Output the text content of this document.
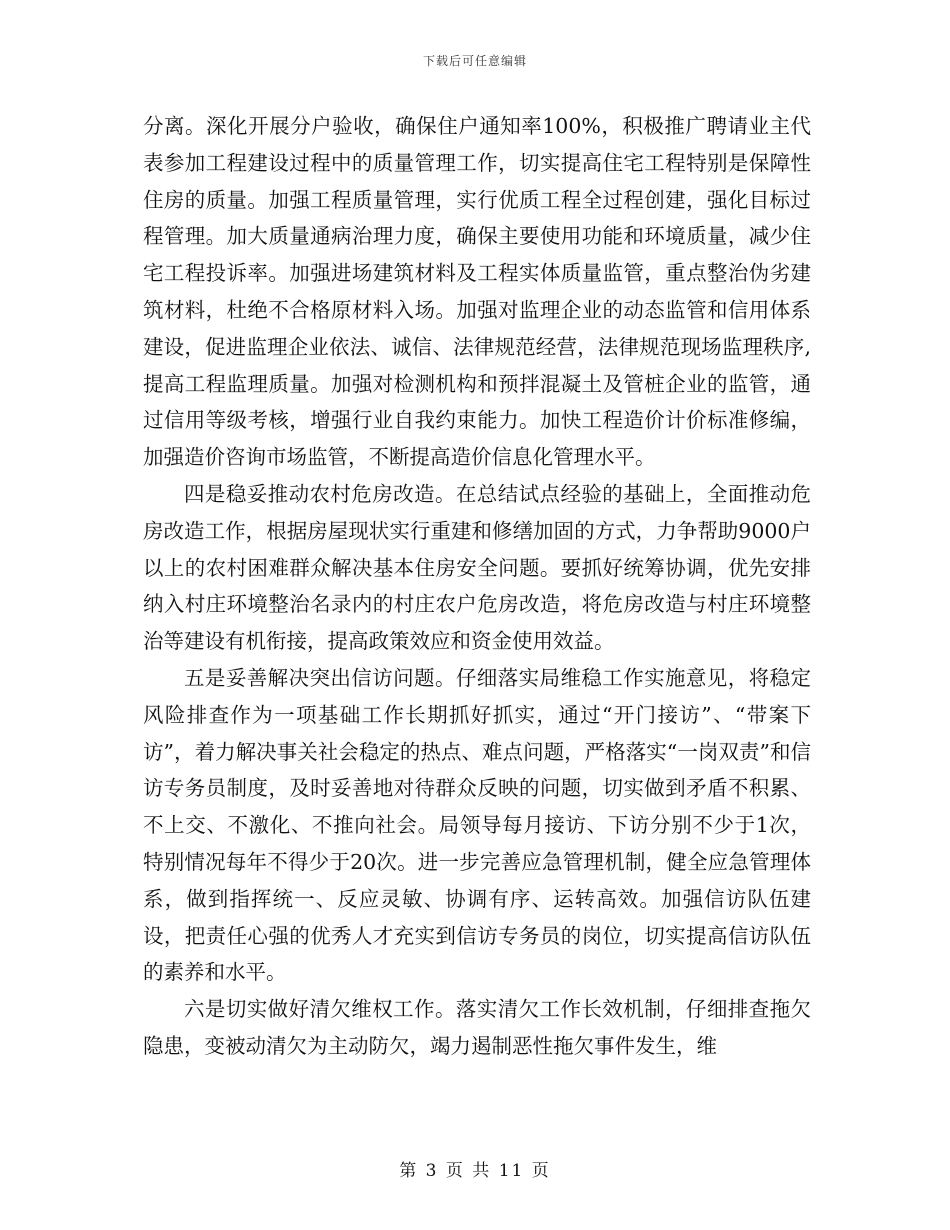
下载后可任意编辑

分离。深化开展分户验收，确保住户通知率100%，积极推广聘请业主代表参加工程建设过程中的质量管理工作，切实提高住宅工程特别是保障性住房的质量。加强工程质量管理，实行优质工程全过程创建，强化目标过程管理。加大质量通病治理力度，确保主要使用功能和环境质量，减少住宅工程投诉率。加强进场建筑材料及工程实体质量监管，重点整治伪劣建筑材料，杜绝不合格原材料入场。加强对监理企业的动态监管和信用体系建设，促进监理企业依法、诚信、法律规范经营，法律规范现场监理秩序,提高工程监理质量。加强对检测机构和预拌混凝土及管桩企业的监管，通过信用等级考核，增强行业自我约束能力。加快工程造价计价标准修编，加强造价咨询市场监管，不断提高造价信息化管理水平。

四是稳妥推动农村危房改造。在总结试点经验的基础上，全面推动危房改造工作，根据房屋现状实行重建和修缮加固的方式，力争帮助9000户以上的农村困难群众解决基本住房安全问题。要抓好统筹协调，优先安排纳入村庄环境整治名录内的村庄农户危房改造，将危房改造与村庄环境整治等建设有机衔接，提高政策效应和资金使用效益。

五是妥善解决突出信访问题。仔细落实局维稳工作实施意见，将稳定风险排查作为一项基础工作长期抓好抓实，通过“开门接访”、“带案下访”，着力解决事关社会稳定的热点、难点问题，严格落实“一岗双责”和信访专务员制度，及时妥善地对待群众反映的问题，切实做到矛盾不积累、不上交、不激化、不推向社会。局领导每月接访、下访分别不少于1次，特别情况每年不得少于20次。进一步完善应急管理机制，健全应急管理体系，做到指挥统一、反应灵敏、协调有序、运转高效。加强信访队伍建设，把责任心强的优秀人才充实到信访专务员的岗位，切实提高信访队伍的素养和水平。

六是切实做好清欠维权工作。落实清欠工作长效机制，仔细排查拖欠隐患，变被动清欠为主动防欠，竭力遏制恶性拖欠事件发生，维

第 3 页 共 11 页
